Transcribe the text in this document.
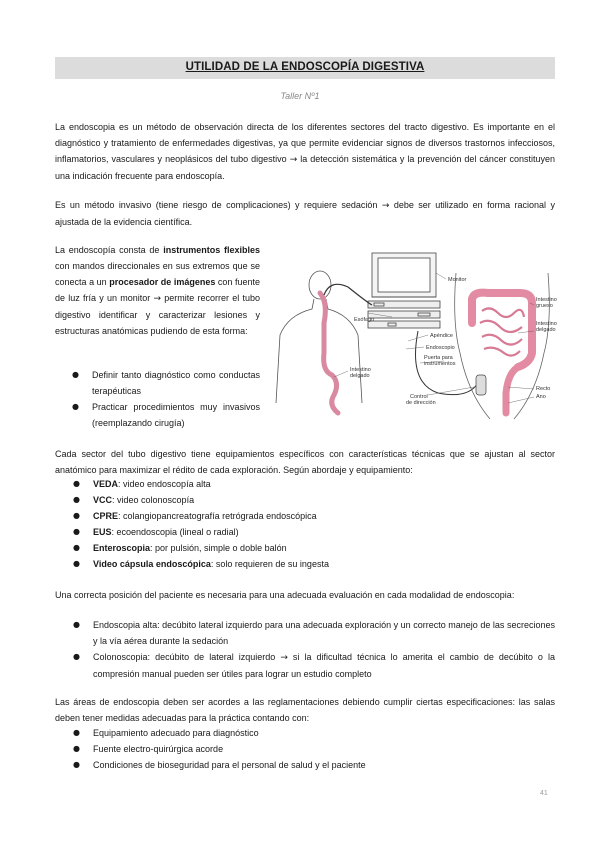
UTILIDAD DE LA ENDOSCOPÍA DIGESTIVA
Taller Nº1
La endoscopia es un método de observación directa de los diferentes sectores del tracto digestivo. Es importante en el diagnóstico y tratamiento de enfermedades digestivas, ya que permite evidenciar signos de diversos trastornos infecciosos, inflamatorios, vasculares y neoplásicos del tubo digestivo → la detección sistemática y la prevención del cáncer constituyen una indicación frecuente para endoscopía.
Es un método invasivo (tiene riesgo de complicaciones) y requiere sedación → debe ser utilizado en forma racional y ajustada de la evidencia científica.
La endoscopía consta de instrumentos flexibles con mandos direccionales en sus extremos que se conecta a un procesador de imágenes con fuente de luz fría y un monitor → permite recorrer el tubo digestivo identificar y caracterizar lesiones y estructuras anatómicas pudiendo de esta forma:
● Definir tanto diagnóstico como conductas terapéuticas
● Practicar procedimientos muy invasivos (reemplazando cirugía)
Monitor
Esófago
Apéndice
Endoscopio
Puerta para
instrumentos
Control
de dirección
Intestino
grueso
Intestino
delgado
Recto
Ano
Intestino
delgado
Cada sector del tubo digestivo tiene equipamientos específicos con características técnicas que se ajustan al sector anatómico para maximizar el rédito de cada exploración. Según abordaje y equipamiento:
● VEDA: video endoscopía alta
● VCC: video colonoscopía
● CPRE: colangiopancreatografía retrógrada endoscópica
● EUS: ecoendoscopia (lineal o radial)
● Enteroscopia: por pulsión, simple o doble balón
● Video cápsula endoscópica: solo requieren de su ingesta
Una correcta posición del paciente es necesaria para una adecuada evaluación en cada modalidad de endoscopia:
● Endoscopia alta: decúbito lateral izquierdo para una adecuada exploración y un correcto manejo de las secreciones y la vía aérea durante la sedación
● Colonoscopia: decúbito de lateral izquierdo → si la dificultad técnica lo amerita el cambio de decúbito o la compresión manual pueden ser útiles para lograr un estudio completo
Las áreas de endoscopia deben ser acordes a las reglamentaciones debiendo cumplir ciertas especificaciones: las salas deben tener medidas adecuadas para la práctica contando con:
● Equipamiento adecuado para diagnóstico
● Fuente electro-quirúrgica acorde
● Condiciones de bioseguridad para el personal de salud y el paciente
41
